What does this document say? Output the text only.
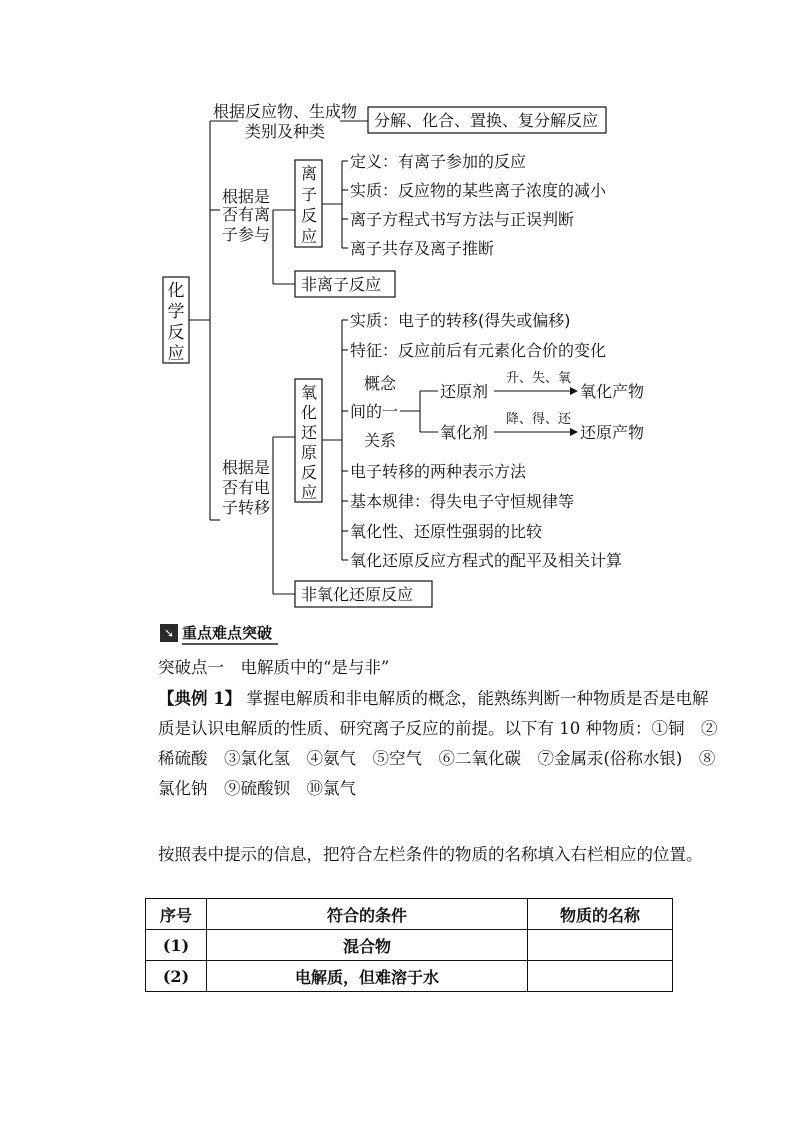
化
学
反
应
根据反应物、生成物
类别及种类
分解、化合、置换、复分解反应
根据是
否有离
子参与
离
子
反
应
定义：有离子参加的反应
实质：反应物的某些离子浓度的减小
离子方程式书写方法与正误判断
离子共存及离子推断
非离子反应
根据是
否有电
子转移
氧
化
还
原
反
应
实质：电子的转移(得失或偏移)
特征：反应前后有元素化合价的变化
概念
间的一
关系
还原剂
氧化剂
升、失、氧
氧化产物
降、得、还
还原产物
电子转移的两种表示方法
基本规律：得失电子守恒规律等
氧化性、还原性强弱的比较
氧化还原反应方程式的配平及相关计算
非氧化还原反应
➘ 重点难点突破
突破点一　电解质中的“是与非”
【典例 1】 掌握电解质和非电解质的概念，能熟练判断一种物质是否是电解质是认识电解质的性质、研究离子反应的前提。以下有 10 种物质：①铜　②稀硫酸　③氯化氢　④氨气　⑤空气　⑥二氧化碳　⑦金属汞(俗称水银)　⑧氯化钠　⑨硫酸钡　⑩氯气
按照表中提示的信息，把符合左栏条件的物质的名称填入右栏相应的位置。
序号	符合的条件	物质的名称
(1)	混合物	
(2)	电解质，但难溶于水	
